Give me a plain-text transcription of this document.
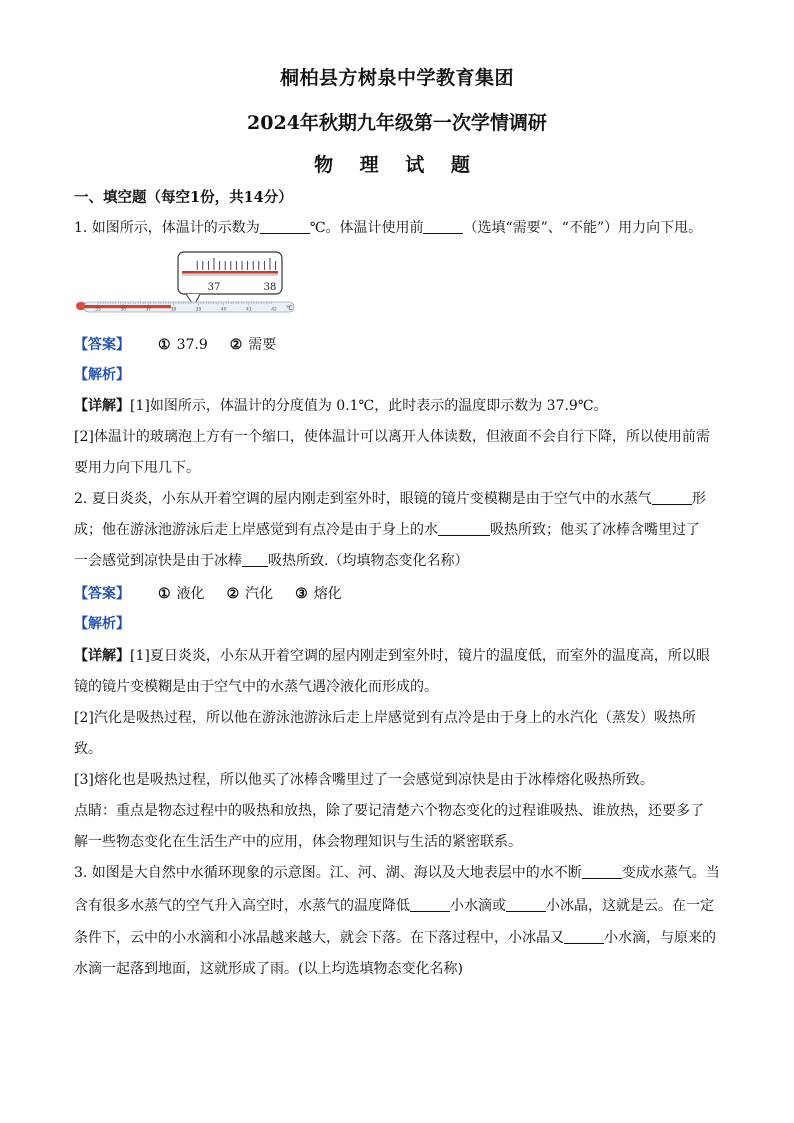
桐柏县方树泉中学教育集团
2024年秋期九年级第一次学情调研
物 理 试 题
一、填空题（每空1份，共14分）
1. 如图所示，体温计的示数为	℃。体温计使用前	（选填“需要”、“不能”）用力向下甩。
37	38
35	36	37	38	39	40	41	42 ℃
【答案】 ① 37.9 ② 需要
【解析】
【详解】[1]如图所示，体温计的分度值为 0.1℃，此时表示的温度即示数为 37.9℃。
[2]体温计的玻璃泡上方有一个缩口，使体温计可以离开人体读数，但液面不会自行下降，所以使用前需
要用力向下甩几下。
2. 夏日炎炎，小东从开着空调的屋内刚走到室外时，眼镜的镜片变模糊是由于空气中的水蒸气	形
成；他在游泳池游泳后走上岸感觉到有点冷是由于身上的水	吸热所致；他买了冰棒含嘴里过了
一会感觉到凉快是由于冰棒 吸热所致.（均填物态变化名称）
【答案】 ① 液化 ② 汽化 ③ 熔化
【解析】
【详解】[1]夏日炎炎，小东从开着空调的屋内刚走到室外时，镜片的温度低，而室外的温度高，所以眼
镜的镜片变模糊是由于空气中的水蒸气遇冷液化而形成的。
[2]汽化是吸热过程，所以他在游泳池游泳后走上岸感觉到有点冷是由于身上的水汽化（蒸发）吸热所
致。
[3]熔化也是吸热过程，所以他买了冰棒含嘴里过了一会感觉到凉快是由于冰棒熔化吸热所致。
点睛：重点是物态过程中的吸热和放热，除了要记清楚六个物态变化的过程谁吸热、谁放热，还要多了
解一些物态变化在生活生产中的应用，体会物理知识与生活的紧密联系。
3. 如图是大自然中水循环现象的示意图。江、河、湖、海以及大地表层中的水不断	变成水蒸气。当
含有很多水蒸气的空气升入高空时，水蒸气的温度降低	小水滴或	小冰晶，这就是云。在一定
条件下，云中的小水滴和小冰晶越来越大，就会下落。在下落过程中，小冰晶又	小水滴，与原来的
水滴一起落到地面，这就形成了雨。(以上均选填物态变化名称)
